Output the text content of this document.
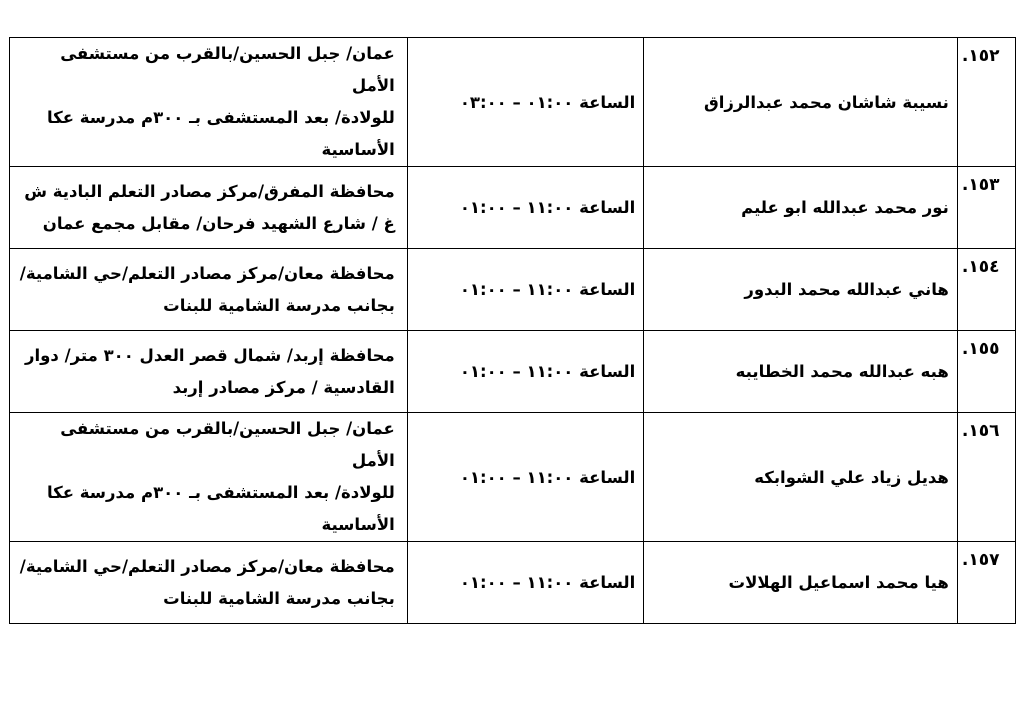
عمان/ جبل الحسين/بالقرب من مستشفى الأمل
للولادة/ بعد المستشفى بـ ٣٠٠م مدرسة عكا
الأساسية	الساعة ٠١:٠٠ – ٠٣:٠٠	نسيبة شاشان محمد عبدالرزاق	.١٥٢
محافظة المفرق/مركز مصادر التعلم البادية ش
غ / شارع الشهيد فرحان/ مقابل مجمع عمان	الساعة ١١:٠٠ – ٠١:٠٠	نور محمد عبدالله ابو عليم	.١٥٣
محافظة معان/مركز مصادر التعلم/حي الشامية/
بجانب مدرسة الشامية للبنات	الساعة ١١:٠٠ – ٠١:٠٠	هاني عبدالله محمد البدور	.١٥٤
محافظة إربد/ شمال قصر العدل ٣٠٠ متر/ دوار
القادسية / مركز مصادر إربد	الساعة ١١:٠٠ – ٠١:٠٠	هبه عبدالله محمد الخطايبه	.١٥٥
عمان/ جبل الحسين/بالقرب من مستشفى الأمل
للولادة/ بعد المستشفى بـ ٣٠٠م مدرسة عكا
الأساسية	الساعة ١١:٠٠ – ٠١:٠٠	هديل زياد علي الشوابكه	.١٥٦
محافظة معان/مركز مصادر التعلم/حي الشامية/
بجانب مدرسة الشامية للبنات	الساعة ١١:٠٠ – ٠١:٠٠	هيا محمد اسماعيل الهلالات	.١٥٧
